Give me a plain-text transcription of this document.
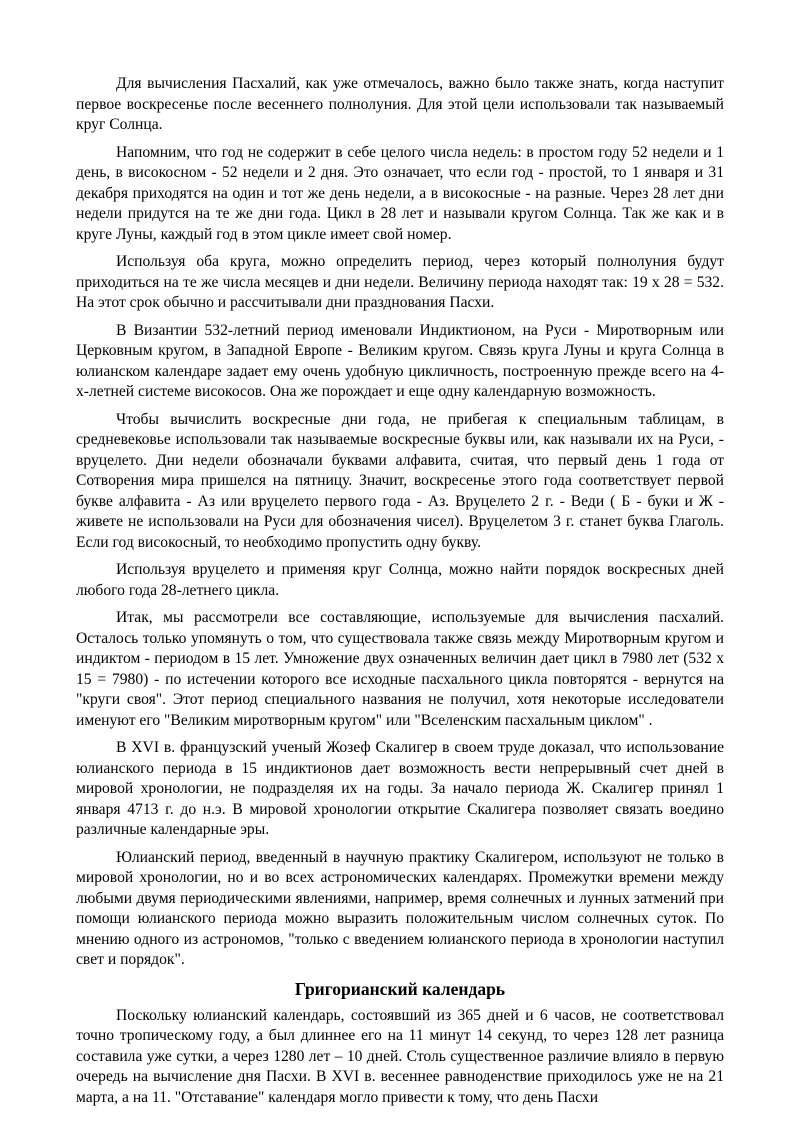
Для вычисления Пасхалий, как уже отмечалось, важно было также знать, когда наступит первое воскресенье после весеннего полнолуния. Для этой цели использовали так называемый круг Солнца.

Напомним, что год не содержит в себе целого числа недель: в простом году 52 недели и 1 день, в високосном - 52 недели и 2 дня. Это означает, что если год - простой, то 1 января и 31 декабря приходятся на один и тот же день недели, а в високосные - на разные. Через 28 лет дни недели придутся на те же дни года. Цикл в 28 лет и называли кругом Солнца. Так же как и в круге Луны, каждый год в этом цикле имеет свой номер.

Используя оба круга, можно определить период, через который полнолуния будут приходиться на те же числа месяцев и дни недели. Величину периода находят так: 19 x 28 = 532. На этот срок обычно и рассчитывали дни празднования Пасхи.

В Византии 532-летний период именовали Индиктионом, на Руси - Миротворным или Церковным кругом, в Западной Европе - Великим кругом. Связь круга Луны и круга Солнца в юлианском календаре задает ему очень удобную цикличность, построенную прежде всего на 4-х-летней системе високосов. Она же порождает и еще одну календарную возможность.

Чтобы вычислить воскресные дни года, не прибегая к специальным таблицам, в средневековье использовали так называемые воскресные буквы или, как называли их на Руси, - вруцелето. Дни недели обозначали буквами алфавита, считая, что первый день 1 года от Сотворения мира пришелся на пятницу. Значит, воскресенье этого года соответствует первой букве алфавита - Аз или вруцелето первого года - Аз. Вруцелето 2 г. - Веди ( Б - буки и Ж - живете не использовали на Руси для обозначения чисел). Вруцелетом 3 г. станет буква Глаголь. Если год високосный, то необходимо пропустить одну букву.

Используя вруцелето и применяя круг Солнца, можно найти порядок воскресных дней любого года 28-летнего цикла.

Итак, мы рассмотрели все составляющие, используемые для вычисления пасхалий. Осталось только упомянуть о том, что существовала также связь между Миротворным кругом и индиктом - периодом в 15 лет. Умножение двух означенных величин дает цикл в 7980 лет (532 x 15 = 7980) - по истечении которого все исходные пасхального цикла повторятся - вернутся на "круги своя". Этот период специального названия не получил, хотя некоторые исследователи именуют его "Великим миротворным кругом" или "Вселенским пасхальным циклом" .

В XVI в. французский ученый Жозеф Скалигер в своем труде доказал, что использование юлианского периода в 15 индиктионов дает возможность вести непрерывный счет дней в мировой хронологии, не подразделяя их на годы. За начало периода Ж. Скалигер принял 1 января 4713 г. до н.э. В мировой хронологии открытие Скалигера позволяет связать воедино различные календарные эры.

Юлианский период, введенный в научную практику Скалигером, используют не только в мировой хронологии, но и во всех астрономических календарях. Промежутки времени между любыми двумя периодическими явлениями, например, время солнечных и лунных затмений при помощи юлианского периода можно выразить положительным числом солнечных суток. По мнению одного из астрономов, "только с введением юлианского периода в хронологии наступил свет и порядок".

Григорианский календарь

Поскольку юлианский календарь, состоявший из 365 дней и 6 часов, не соответствовал точно тропическому году, а был длиннее его на 11 минут 14 секунд, то через 128 лет разница составила уже сутки, а через 1280 лет – 10 дней. Столь существенное различие влияло в первую очередь на вычисление дня Пасхи. В XVI в. весеннее равноденствие приходилось уже не на 21 марта, а на 11. "Отставание" календаря могло привести к тому, что день Пасхи
